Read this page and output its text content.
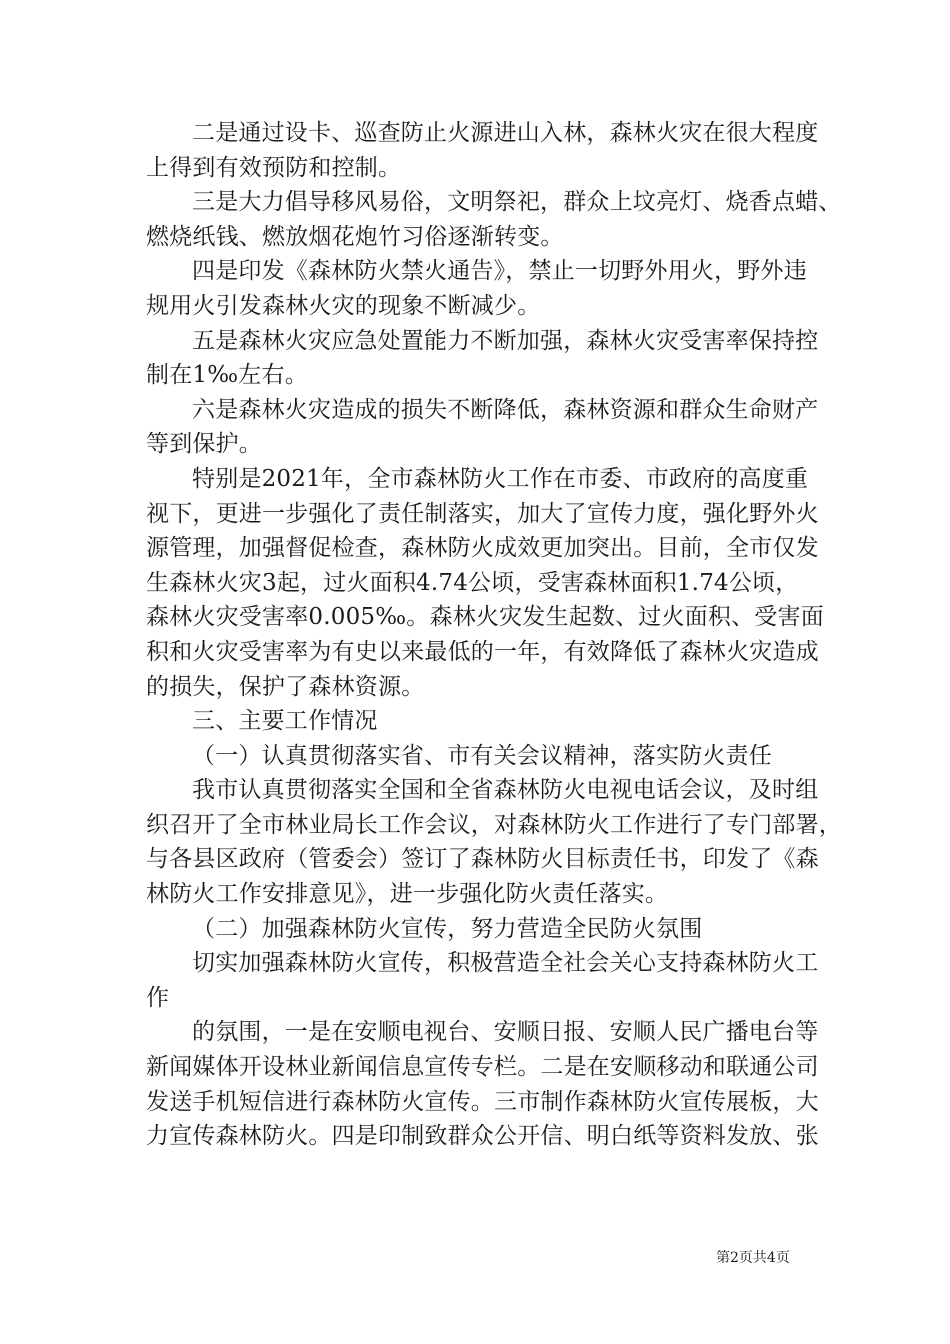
二是通过设卡、巡查防止火源进山入林，森林火灾在很大程度
上得到有效预防和控制。
三是大力倡导移风易俗，文明祭祀，群众上坟亮灯、烧香点蜡、
燃烧纸钱、燃放烟花炮竹习俗逐渐转变。
四是印发《森林防火禁火通告》，禁止一切野外用火，野外违
规用火引发森林火灾的现象不断减少。
五是森林火灾应急处置能力不断加强，森林火灾受害率保持控
制在1‰左右。
六是森林火灾造成的损失不断降低，森林资源和群众生命财产
等到保护。
特别是2021年，全市森林防火工作在市委、市政府的高度重
视下，更进一步强化了责任制落实，加大了宣传力度，强化野外火
源管理，加强督促检查，森林防火成效更加突出。目前，全市仅发
生森林火灾3起，过火面积4.74公顷，受害森林面积1.74公顷，
森林火灾受害率0.005‰。森林火灾发生起数、过火面积、受害面
积和火灾受害率为有史以来最低的一年，有效降低了森林火灾造成
的损失，保护了森林资源。
三、主要工作情况
（一）认真贯彻落实省、市有关会议精神，落实防火责任
我市认真贯彻落实全国和全省森林防火电视电话会议，及时组
织召开了全市林业局长工作会议，对森林防火工作进行了专门部署，
与各县区政府（管委会）签订了森林防火目标责任书，印发了《森
林防火工作安排意见》，进一步强化防火责任落实。
（二）加强森林防火宣传，努力营造全民防火氛围
切实加强森林防火宣传，积极营造全社会关心支持森林防火工
作
的氛围，一是在安顺电视台、安顺日报、安顺人民广播电台等
新闻媒体开设林业新闻信息宣传专栏。二是在安顺移动和联通公司
发送手机短信进行森林防火宣传。三市制作森林防火宣传展板，大
力宣传森林防火。四是印制致群众公开信、明白纸等资料发放、张
第2页共4页
